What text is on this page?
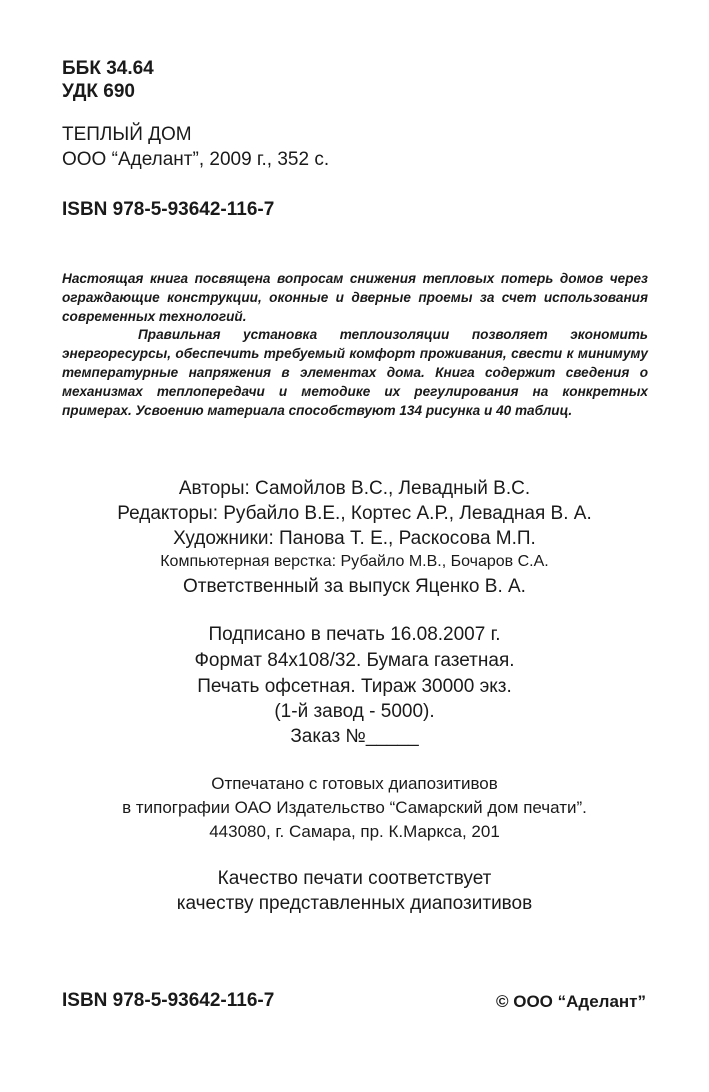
ББК 34.64
УДК 690
ТЕПЛЫЙ ДОМ
ООО “Аделант”, 2009 г., 352 с.
ISBN 978-5-93642-116-7

Настоящая книга посвящена вопросам снижения тепловых потерь домов через ограждающие конструкции, оконные и дверные проемы за счет использования современных технологий.

Правильная установка теплоизоляции позволяет экономить энергоресурсы, обеспечить требуемый комфорт проживания, свести к минимуму температурные напряжения в элементах дома. Книга содержит сведения о механизмах теплопередачи и методике их регулирования на конкретных примерах. Усвоению материала способствуют 134 рисунка и 40 таблиц.

Авторы: Самойлов В.С., Левадный В.С.
Редакторы: Рубайло В.Е., Кортес А.Р., Левадная В. А.
Художники: Панова Т. Е., Раскосова М.П.
Компьютерная верстка: Рубайло М.В., Бочаров С.А.
Ответственный за выпуск Яценко В. А.
Подписано в печать 16.08.2007 г.
Формат 84х108/32. Бумага газетная.
Печать офсетная. Тираж 30000 экз.
(1-й завод - 5000).
Заказ №_____
Отпечатано с готовых диапозитивов
в типографии ОАО Издательство “Самарский дом печати”.
443080, г. Самара, пр. К.Маркса, 201
Качество печати соответствует
качеству представленных диапозитивов
ISBN 978-5-93642-116-7	© ООО “Аделант”
